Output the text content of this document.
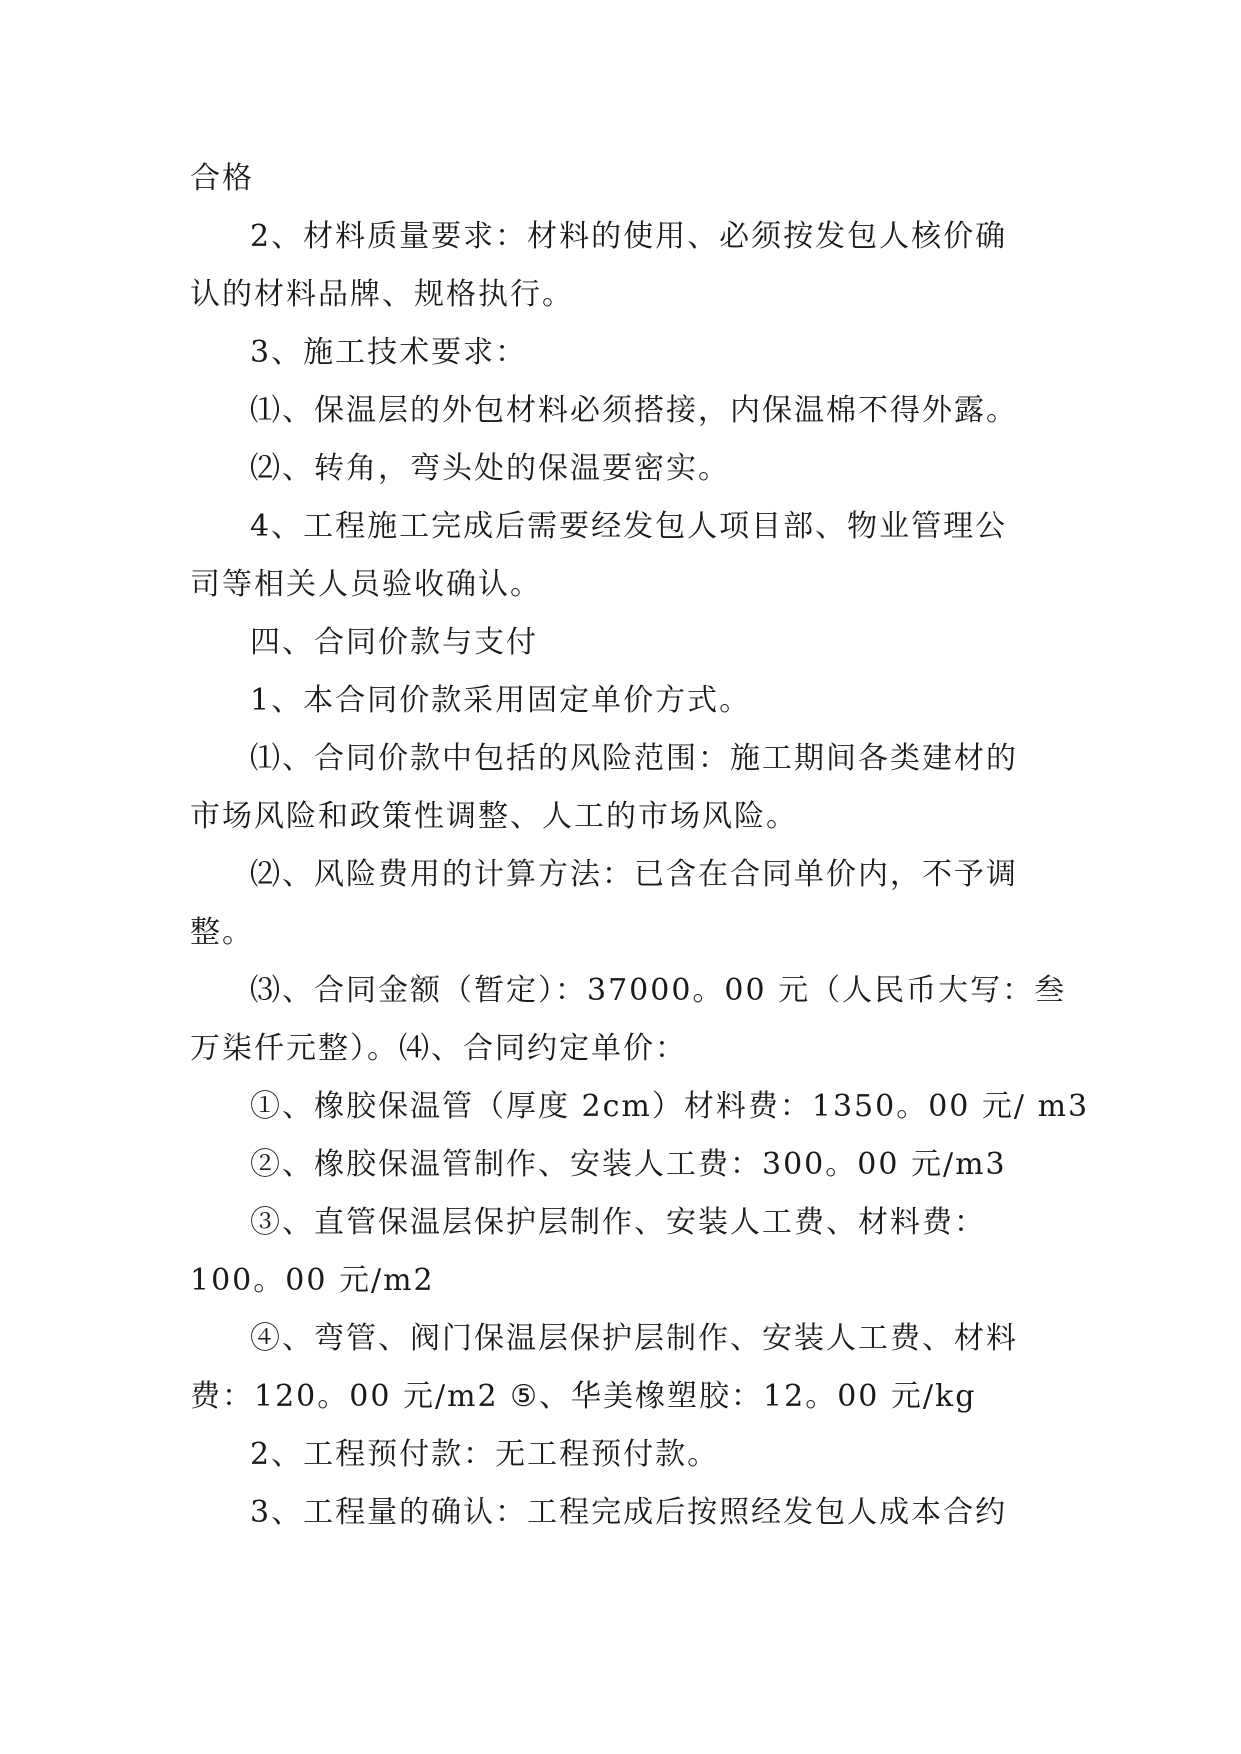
合格

2、材料质量要求：材料的使用、必须按发包人核价确

认的材料品牌、规格执行。

3、施工技术要求：

⑴、保温层的外包材料必须搭接，内保温棉不得外露。

⑵、转角，弯头处的保温要密实。

4、工程施工完成后需要经发包人项目部、物业管理公

司等相关人员验收确认。

四、合同价款与支付

1、本合同价款采用固定单价方式。

⑴、合同价款中包括的风险范围：施工期间各类建材的

市场风险和政策性调整、人工的市场风险。

⑵、风险费用的计算方法：已含在合同单价内，不予调

整。

⑶、合同金额（暂定）：37000。00 元（人民币大写：叁

万柒仟元整）。⑷、合同约定单价：

①、橡胶保温管（厚度 2cm）材料费：1350。00 元/ m3

②、橡胶保温管制作、安装人工费：300。00 元/m3

③、直管保温层保护层制作、安装人工费、材料费：

100。00 元/m2

④、弯管、阀门保温层保护层制作、安装人工费、材料

费：120。00 元/m2 ⑤、华美橡塑胶：12。00 元/kg

2、工程预付款：无工程预付款。

3、工程量的确认：工程完成后按照经发包人成本合约
